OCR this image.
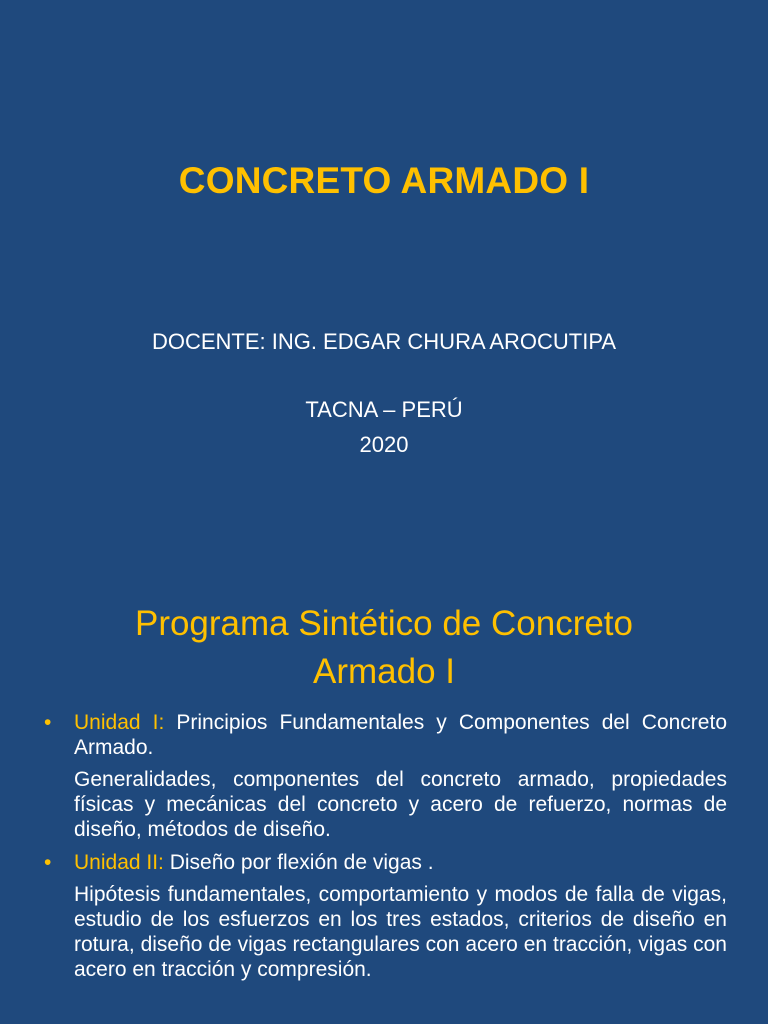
CONCRETO ARMADO I
DOCENTE: ING. EDGAR CHURA AROCUTIPA
TACNA – PERÚ
2020
Programa Sintético de Concreto
Armado I
• Unidad I: Principios Fundamentales y Componentes del Concreto Armado.
Generalidades, componentes del concreto armado, propiedades físicas y mecánicas del concreto y acero de refuerzo, normas de diseño, métodos de diseño.
• Unidad II: Diseño por flexión de vigas .
Hipótesis fundamentales, comportamiento y modos de falla de vigas, estudio de los esfuerzos en los tres estados, criterios de diseño en rotura, diseño de vigas rectangulares con acero en tracción, vigas con acero en tracción y compresión.
